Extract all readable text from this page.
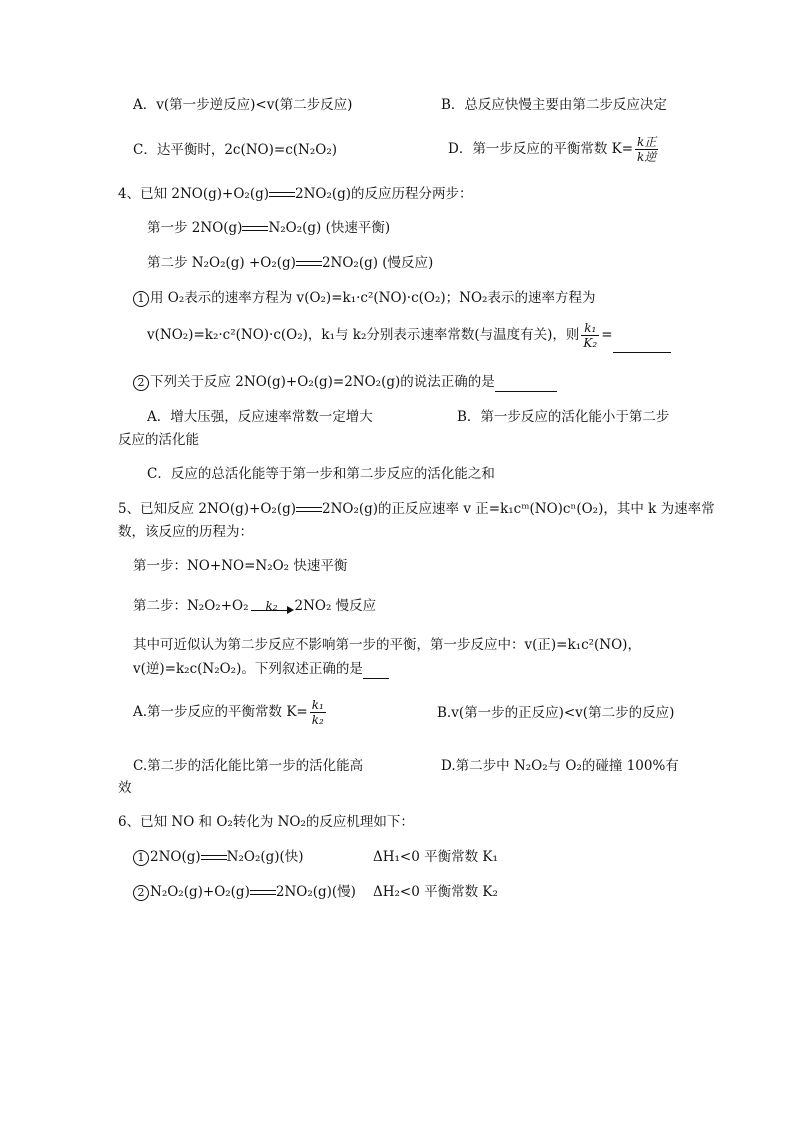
A．v(第一步逆反应)<v(第二步反应)	B．总反应快慢主要由第二步反应决定
C．达平衡时，2c(NO)=c(N₂O₂)	D．第一步反应的平衡常数 $K= \frac{\text{k正}}{\text{k逆}}$
4、已知 2NO(g)+O₂(g) 2NO₂(g)的反应历程分两步：
第一步 2NO(g) N₂O₂(g) (快速平衡)
第二步 N₂O₂(g) +O₂(g) 2NO₂(g) (慢反应)
1 用 O₂表示的速率方程为 v(O₂)=k₁·c²(NO)·c(O₂)；NO₂表示的速率方程为
v(NO₂)=k₂·c²(NO)·c(O₂)，k₁与 k₂分别表示速率常数(与温度有关)，则 $\frac{\text{k₁}}{\text{K₂}}$ =
2 下列关于反应 2NO(g)+O₂(g)=2NO₂(g)的说法正确的是
A．增大压强，反应速率常数一定增大	B．第一步反应的活化能小于第二步
反应的活化能
C．反应的总活化能等于第一步和第二步反应的活化能之和
5、已知反应 2NO(g)+O₂(g) 2NO₂(g)的正反应速率 v 正=k₁cᵐ(NO)cⁿ(O₂)，其中 k 为速率常
数，该反应的历程为：
第一步：NO+NO=N₂O₂ 快速平衡
第二步：N₂O₂+O₂	k₂	2NO₂ 慢反应
其中可近似认为第二步反应不影响第一步的平衡，第一步反应中：v(正)=k₁c²(NO)，
v(逆)=k₂c(N₂O₂)。下列叙述正确的是
A.第一步反应的平衡常数 $K= \frac{\text{k₁}}{\text{k₂}}$	B.v(第一步的正反应)<v(第二步的反应)
C.第二步的活化能比第一步的活化能高	D.第二步中 N₂O₂与 O₂的碰撞 100%有
效
6、已知 NO 和 O₂转化为 NO₂的反应机理如下：
1 2NO(g) N₂O₂(g)(快)	ΔH₁<0 平衡常数 K₁
2 N₂O₂(g)+O₂(g) 2NO₂(g)(慢) ΔH₂<0 平衡常数 K₂
